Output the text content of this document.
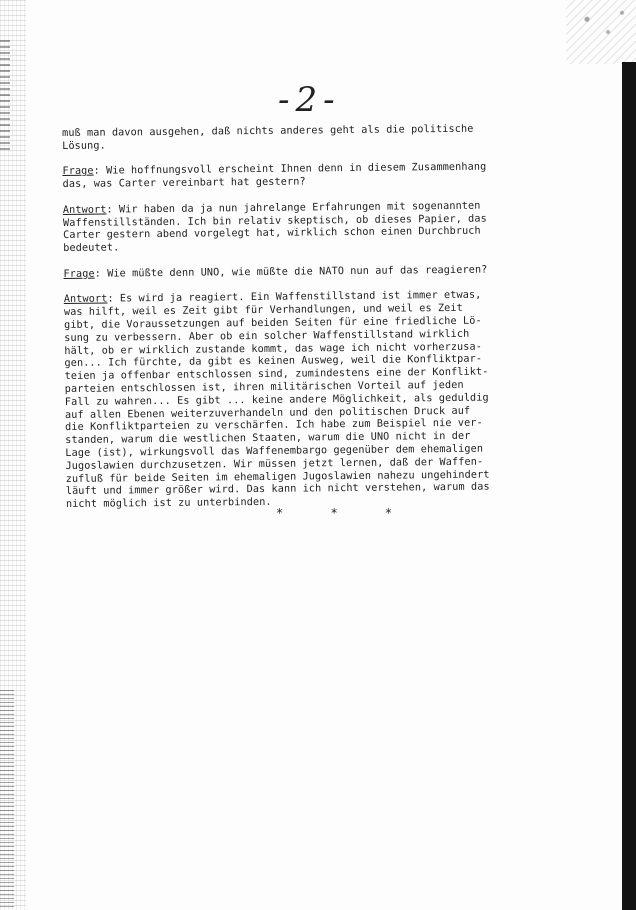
-2-
muß man davon ausgehen, daß nichts anderes geht als die politische
Lösung.
Frage: Wie hoffnungsvoll erscheint Ihnen denn in diesem Zusammenhang
das, was Carter vereinbart hat gestern?
Antwort: Wir haben da ja nun jahrelange Erfahrungen mit sogenannten
Waffenstillständen. Ich bin relativ skeptisch, ob dieses Papier, das
Carter gestern abend vorgelegt hat, wirklich schon einen Durchbruch
bedeutet.
Frage: Wie müßte denn UNO, wie müßte die NATO nun auf das reagieren?
Antwort: Es wird ja reagiert. Ein Waffenstillstand ist immer etwas,
was hilft, weil es Zeit gibt für Verhandlungen, und weil es Zeit
gibt, die Voraussetzungen auf beiden Seiten für eine friedliche Lö-
sung zu verbessern. Aber ob ein solcher Waffenstillstand wirklich
hält, ob er wirklich zustande kommt, das wage ich nicht vorherzusa-
gen... Ich fürchte, da gibt es keinen Ausweg, weil die Konfliktpar-
teien ja offenbar entschlossen sind, zumindestens eine der Konflikt-
parteien entschlossen ist, ihren militärischen Vorteil auf jeden
Fall zu wahren... Es gibt ... keine andere Möglichkeit, als geduldig
auf allen Ebenen weiterzuverhandeln und den politischen Druck auf
die Konfliktparteien zu verschärfen. Ich habe zum Beispiel nie ver-
standen, warum die westlichen Staaten, warum die UNO nicht in der
Lage (ist), wirkungsvoll das Waffenembargo gegenüber dem ehemaligen
Jugoslawien durchzusetzen. Wir müssen jetzt lernen, daß der Waffen-
zufluß für beide Seiten im ehemaligen Jugoslawien nahezu ungehindert
läuft und immer größer wird. Das kann ich nicht verstehen, warum das
nicht möglich ist zu unterbinden.
* * *
